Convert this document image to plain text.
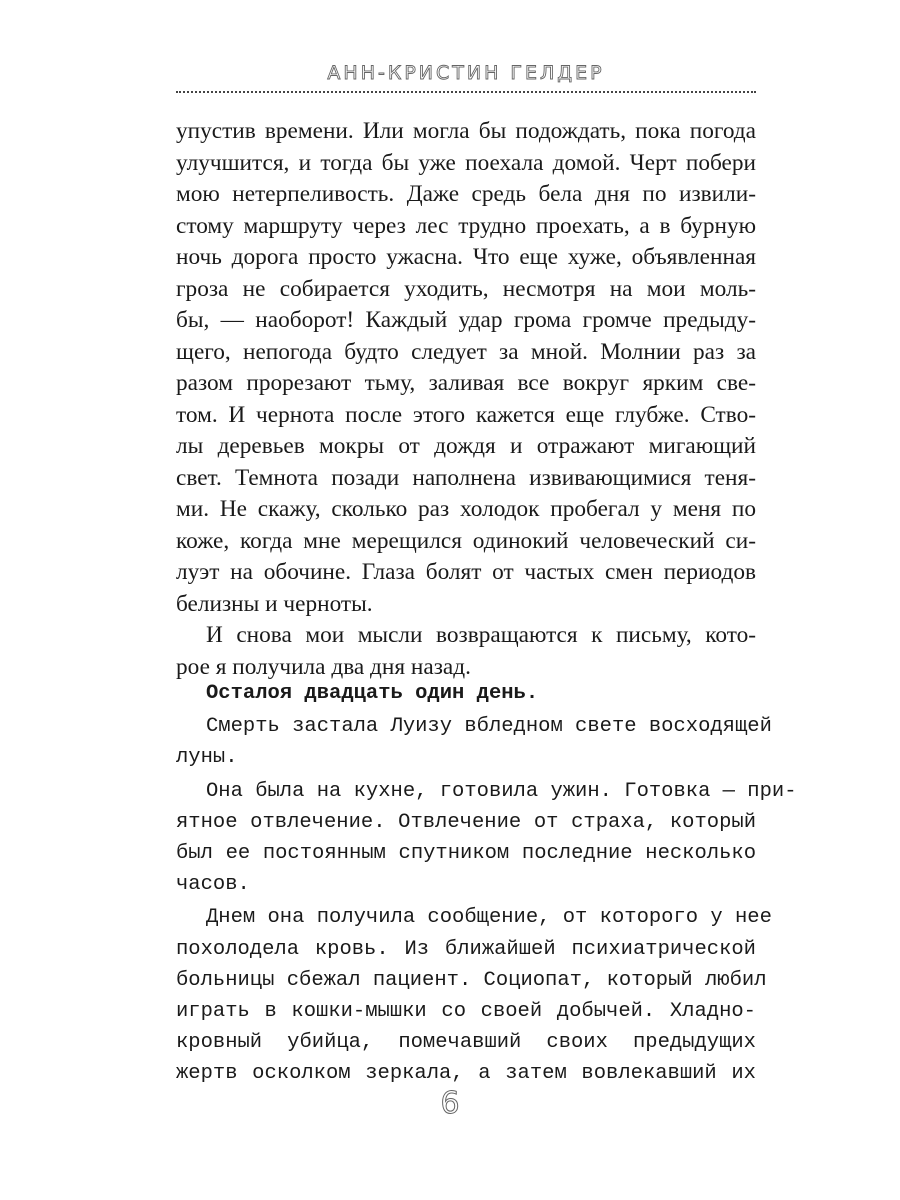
АНН-КРИСТИН ГЕЛДЕР

упустив времени. Или могла бы подождать, пока погода
улучшится, и тогда бы уже поехала домой. Черт побери
мою нетерпеливость. Даже средь бела дня по извили-
стому маршруту через лес трудно проехать, а в бурную
ночь дорога просто ужасна. Что еще хуже, объявленная
гроза не собирается уходить, несмотря на мои моль-
бы, — наоборот! Каждый удар грома громче предыду-
щего, непогода будто следует за мной. Молнии раз за
разом прорезают тьму, заливая все вокруг ярким све-
том. И чернота после этого кажется еще глубже. Ство-
лы деревьев мокры от дождя и отражают мигающий
свет. Темнота позади наполнена извивающимися теня-
ми. Не скажу, сколько раз холодок пробегал у меня по
коже, когда мне мерещился одинокий человеческий си-
луэт на обочине. Глаза болят от частых смен периодов
белизны и черноты.

И снова мои мысли возвращаются к письму, кото-
рое я получила два дня назад.

Осталоя двадцать один день.
Смерть застала Луизу вбледном свете восходящей
луны.
Она была на кухне, готовила ужин. Готовка — при-
ятное отвлечение. Отвлечение от страха, который
был ее постоянным спутником последние несколько
часов.
Днем она получила сообщение, от которого у нее
похолодела кровь. Из ближайшей психиатрической
больницы сбежал пациент. Социопат, который любил
играть в кошки-мышки со своей добычей. Хладно-
кровный убийца, помечавший своих предыдущих
жертв осколком зеркала, а затем вовлекавший их
6
